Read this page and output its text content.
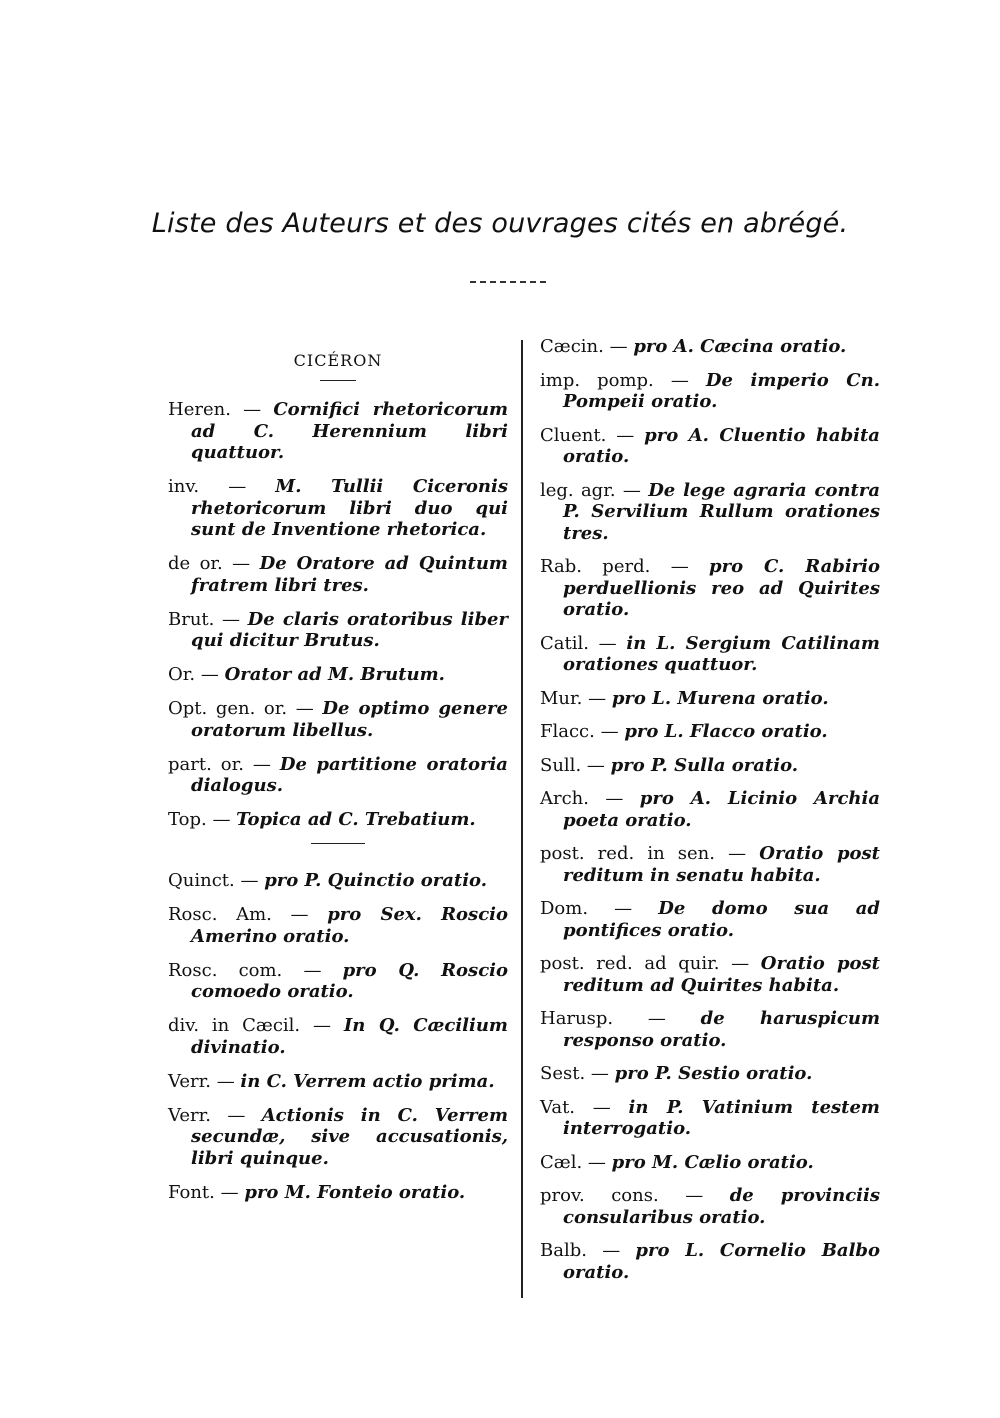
Liste des Auteurs et des ouvrages cités en abrégé.
CICÉRON

Heren. — Cornifici rhetoricorum ad C. Herennium libri quattuor.

inv. — M. Tullii Ciceronis rhetoricorum libri duo qui sunt de Inventione rhetorica.

de or. — De Oratore ad Quintum fratrem libri tres.

Brut. — De claris oratoribus liber qui dicitur Brutus.

Or. — Orator ad M. Brutum.

Opt. gen. or. — De optimo genere oratorum libellus.

part. or. — De partitione oratoria dialogus.

Top. — Topica ad C. Trebatium.

Quinct. — pro P. Quinctio oratio.

Rosc. Am. — pro Sex. Roscio Amerino oratio.

Rosc. com. — pro Q. Roscio comoedo oratio.

div. in Cæcil. — In Q. Cæcilium divinatio.

Verr. — in C. Verrem actio prima.

Verr. — Actionis in C. Verrem secundæ, sive accusationis, libri quinque.

Font. — pro M. Fonteio oratio.

Cæcin. — pro A. Cæcina oratio.

imp. pomp. — De imperio Cn. Pompeii oratio.

Cluent. — pro A. Cluentio habita oratio.

leg. agr. — De lege agraria contra P. Servilium Rullum orationes tres.

Rab. perd. — pro C. Rabirio perduellionis reo ad Quirites oratio.

Catil. — in L. Sergium Catilinam orationes quattuor.

Mur. — pro L. Murena oratio.

Flacc. — pro L. Flacco oratio.

Sull. — pro P. Sulla oratio.

Arch. — pro A. Licinio Archia poeta oratio.

post. red. in sen. — Oratio post reditum in senatu habita.

Dom. — De domo sua ad pontifices oratio.

post. red. ad quir. — Oratio post reditum ad Quirites habita.

Harusp. — de haruspicum responso oratio.

Sest. — pro P. Sestio oratio.

Vat. — in P. Vatinium testem interrogatio.

Cæl. — pro M. Cælio oratio.

prov. cons. — de provinciis consularibus oratio.

Balb. — pro L. Cornelio Balbo oratio.
